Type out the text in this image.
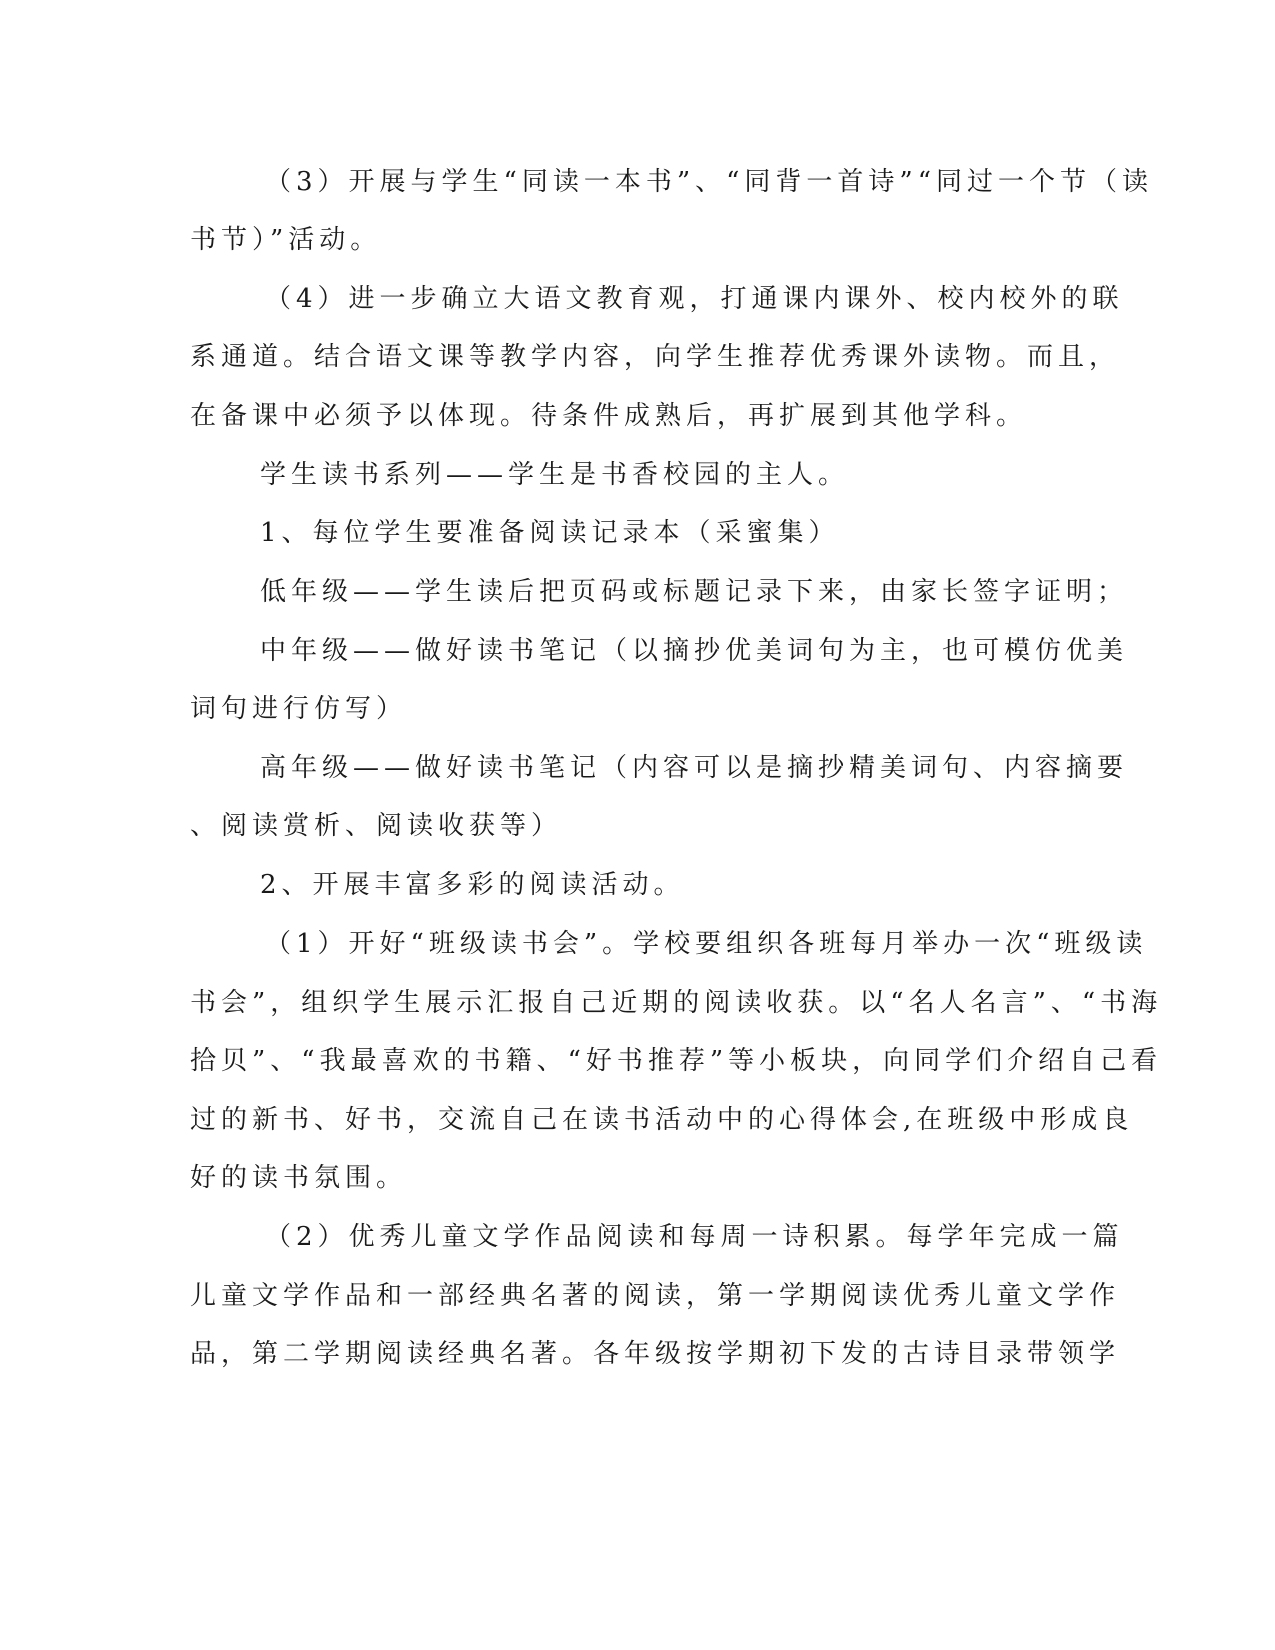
（3）开展与学生“同读一本书”、“同背一首诗”“同过一个节（读
书节）”活动。
（4）进一步确立大语文教育观，打通课内课外、校内校外的联
系通道。结合语文课等教学内容，向学生推荐优秀课外读物。而且，
在备课中必须予以体现。待条件成熟后，再扩展到其他学科。
学生读书系列——学生是书香校园的主人。
1、每位学生要准备阅读记录本（采蜜集）
低年级——学生读后把页码或标题记录下来，由家长签字证明；
中年级——做好读书笔记（以摘抄优美词句为主，也可模仿优美
词句进行仿写）
高年级——做好读书笔记（内容可以是摘抄精美词句、内容摘要
、阅读赏析、阅读收获等）
2、开展丰富多彩的阅读活动。
（1）开好“班级读书会”。学校要组织各班每月举办一次“班级读
书会”，组织学生展示汇报自己近期的阅读收获。以“名人名言”、“书海
拾贝”、“我最喜欢的书籍、“好书推荐”等小板块，向同学们介绍自己看
过的新书、好书，交流自己在读书活动中的心得体会,在班级中形成良
好的读书氛围。
（2）优秀儿童文学作品阅读和每周一诗积累。每学年完成一篇
儿童文学作品和一部经典名著的阅读，第一学期阅读优秀儿童文学作
品，第二学期阅读经典名著。各年级按学期初下发的古诗目录带领学
